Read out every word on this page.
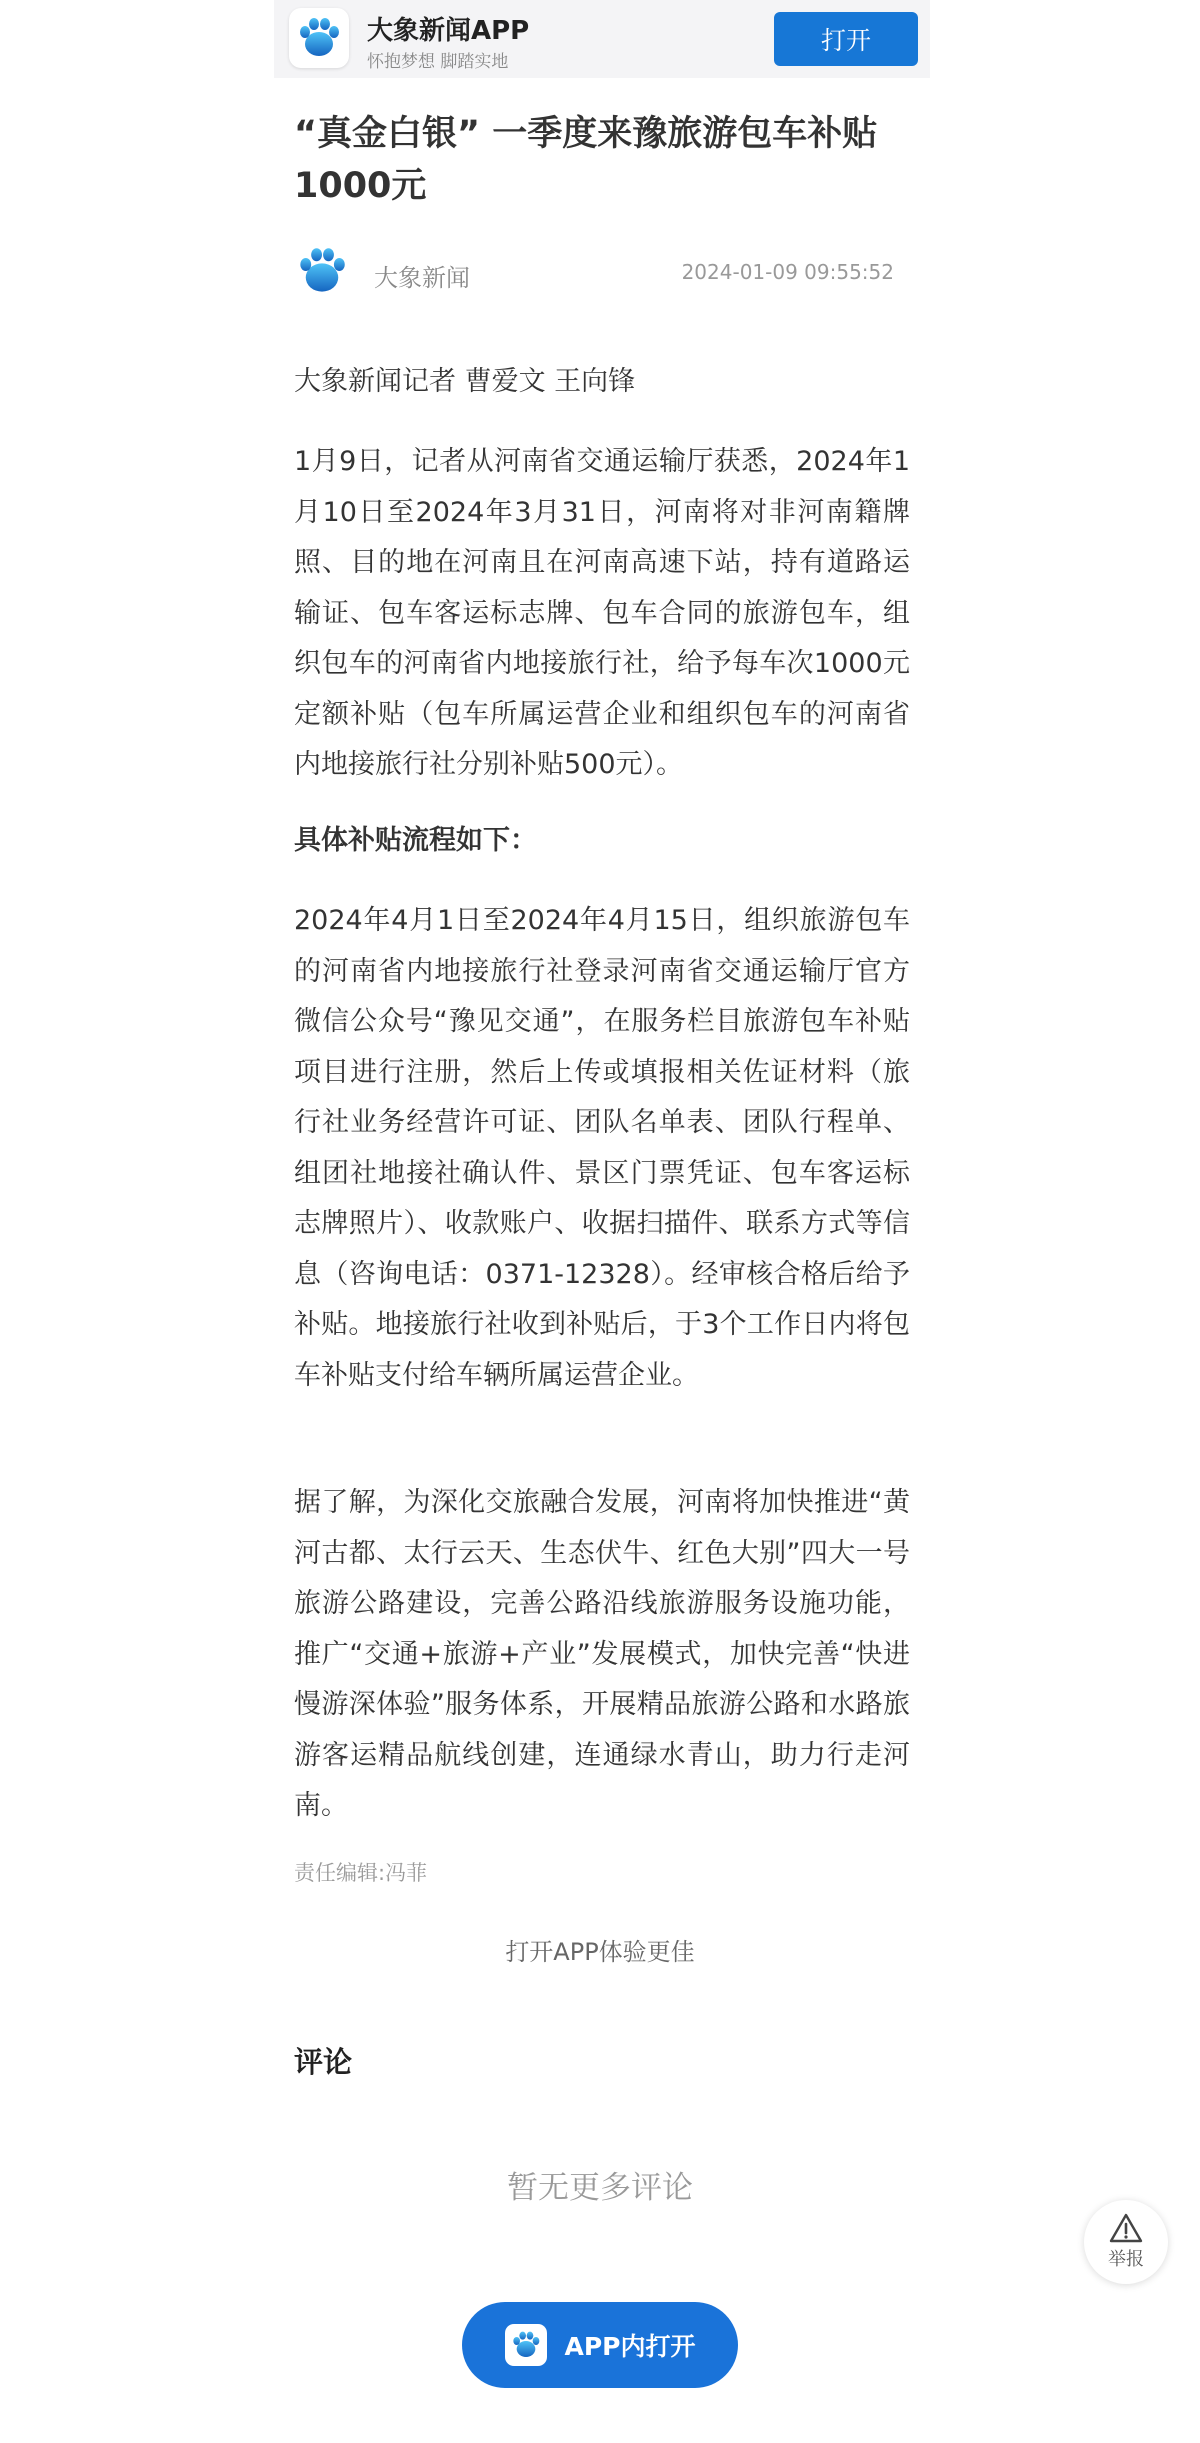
大象新闻APP
怀抱梦想 脚踏实地
打开
“真金白银” 一季度来豫旅游包车补贴1000元
大象新闻	2024-01-09 09:55:52

大象新闻记者 曹爱文 王向锋

1月9日，记者从河南省交通运输厅获悉，2024年1月10日至2024年3月31日，河南将对非河南籍牌照、目的地在河南且在河南高速下站，持有道路运输证、包车客运标志牌、包车合同的旅游包车，组织包车的河南省内地接旅行社，给予每车次1000元定额补贴（包车所属运营企业和组织包车的河南省内地接旅行社分别补贴500元）。

具体补贴流程如下：

2024年4月1日至2024年4月15日，组织旅游包车的河南省内地接旅行社登录河南省交通运输厅官方微信公众号“豫见交通”，在服务栏目旅游包车补贴项目进行注册，然后上传或填报相关佐证材料（旅行社业务经营许可证、团队名单表、团队行程单、组团社地接社确认件、景区门票凭证、包车客运标志牌照片）、收款账户、收据扫描件、联系方式等信息（咨询电话：0371-12328）。经审核合格后给予补贴。地接旅行社收到补贴后，于3个工作日内将包车补贴支付给车辆所属运营企业。

据了解，为深化交旅融合发展，河南将加快推进“黄河古都、太行云天、生态伏牛、红色大别”四大一号旅游公路建设，完善公路沿线旅游服务设施功能，推广“交通+旅游+产业”发展模式，加快完善“快进慢游深体验”服务体系，开展精品旅游公路和水路旅游客运精品航线创建，连通绿水青山，助力行走河南。

责任编辑:冯菲
打开APP体验更佳
评论
暂无更多评论
举报
APP内打开
